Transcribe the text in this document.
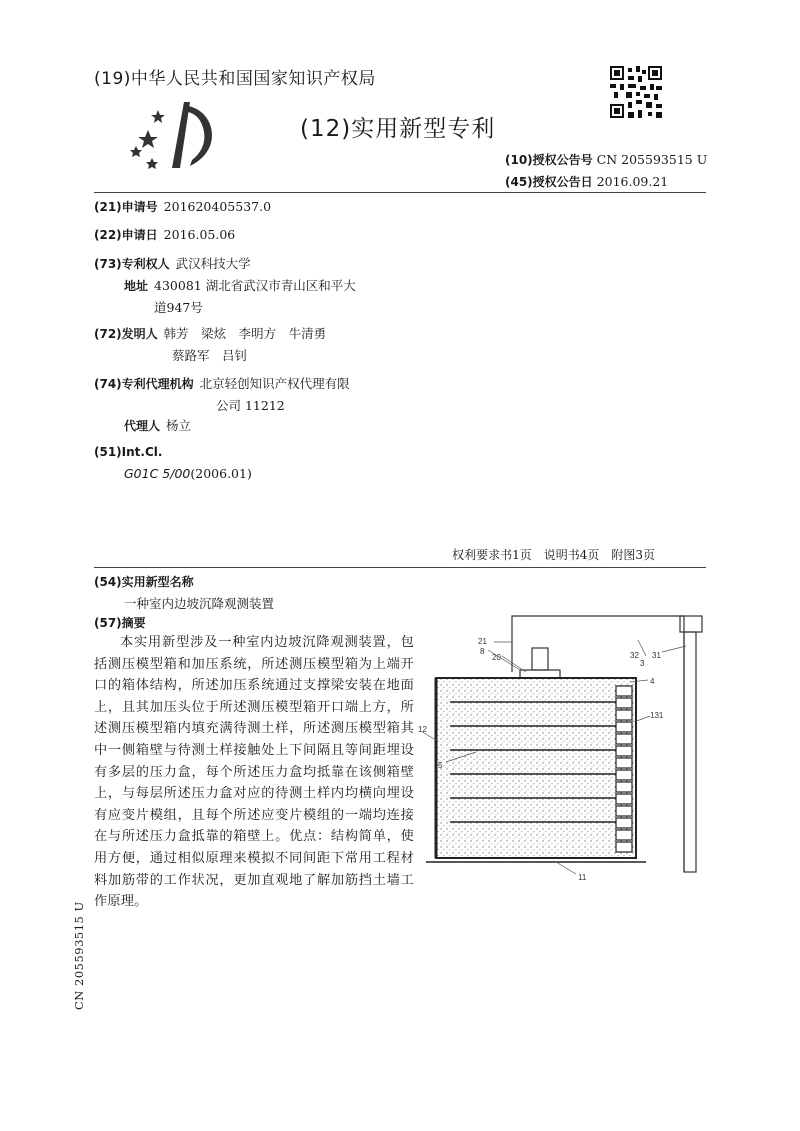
(19)中华人民共和国国家知识产权局
(12)实用新型专利
(10)授权公告号 CN 205593515 U
(45)授权公告日 2016.09.21
(21)申请号 201620405537.0
(22)申请日 2016.05.06
(73)专利权人 武汉科技大学
地址 430081 湖北省武汉市青山区和平大
道947号
(72)发明人 韩芳　梁炫　李明方　牛清勇
蔡路军　吕钊
(74)专利代理机构 北京轻创知识产权代理有限
公司 11212
代理人 杨立
(51)Int.Cl.
G01C 5/00(2006.01)
权利要求书1页　说明书4页　附图3页
(54)实用新型名称
一种室内边坡沉降观测装置
(57)摘要
本实用新型涉及一种室内边坡沉降观测装置，包括测压模型箱和加压系统，所述测压模型箱为上端开口的箱体结构，所述加压系统通过支撑梁安装在地面上，且其加压头位于所述测压模型箱开口端上方，所述测压模型箱内填充满待测土样，所述测压模型箱其中一侧箱壁与待测土样接触处上下间隔且等间距埋设有多层的压力盒，每个所述压力盒均抵靠在该侧箱壁上，与每层所述压力盒对应的待测土样内均横向埋设有应变片模组，且每个所述应变片模组的一端均连接在与所述压力盒抵靠的箱壁上。优点：结构简单，使用方便，通过相似原理来模拟不同间距下常用工程材料加筋带的工作状况，更加直观地了解加筋挡土墙工作原理。
21
8
20	32 31
3
4
12
131
5
11
CN 205593515 U
